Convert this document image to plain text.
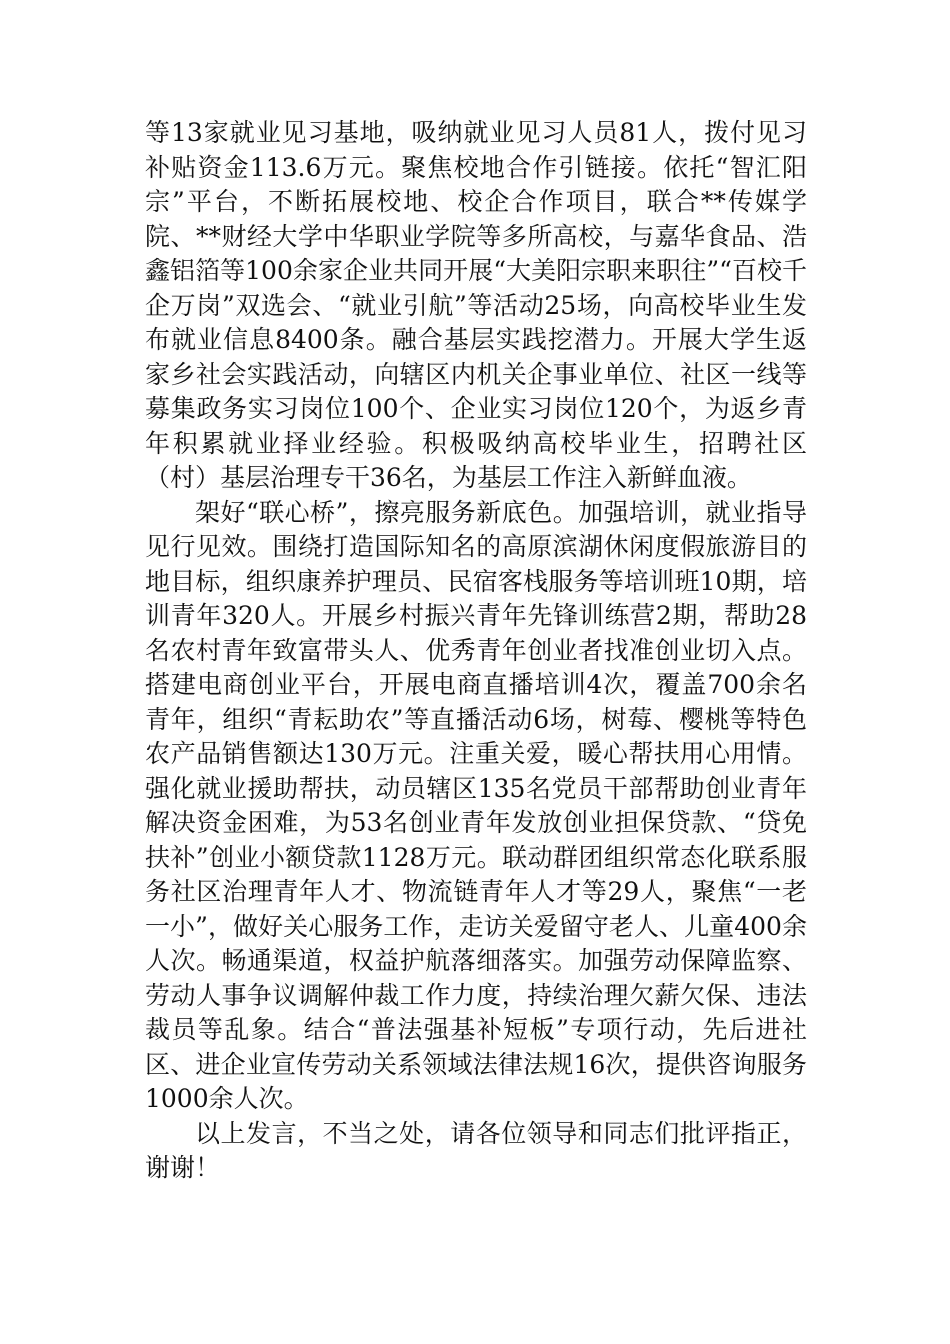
等13家就业见习基地，吸纳就业见习人员81人，拨付见习补贴资金113.6万元。聚焦校地合作引链接。依托“智汇阳宗”平台，不断拓展校地、校企合作项目，联合**传媒学院、**财经大学中华职业学院等多所高校，与嘉华食品、浩鑫铝箔等100余家企业共同开展“大美阳宗职来职往”“百校千企万岗”双选会、“就业引航”等活动25场，向高校毕业生发布就业信息8400条。融合基层实践挖潜力。开展大学生返家乡社会实践活动，向辖区内机关企事业单位、社区一线等募集政务实习岗位100个、企业实习岗位120个，为返乡青年积累就业择业经验。积极吸纳高校毕业生，招聘社区（村）基层治理专干36名，为基层工作注入新鲜血液。

架好“联心桥”，擦亮服务新底色。加强培训，就业指导见行见效。围绕打造国际知名的高原滨湖休闲度假旅游目的地目标，组织康养护理员、民宿客栈服务等培训班10期，培训青年320人。开展乡村振兴青年先锋训练营2期，帮助28名农村青年致富带头人、优秀青年创业者找准创业切入点。搭建电商创业平台，开展电商直播培训4次，覆盖700余名青年，组织“青耘助农”等直播活动6场，树莓、樱桃等特色农产品销售额达130万元。注重关爱，暖心帮扶用心用情。强化就业援助帮扶，动员辖区135名党员干部帮助创业青年解决资金困难，为53名创业青年发放创业担保贷款、“贷免扶补”创业小额贷款1128万元。联动群团组织常态化联系服务社区治理青年人才、物流链青年人才等29人，聚焦“一老一小”，做好关心服务工作，走访关爱留守老人、儿童400余人次。畅通渠道，权益护航落细落实。加强劳动保障监察、劳动人事争议调解仲裁工作力度，持续治理欠薪欠保、违法裁员等乱象。结合“普法强基补短板”专项行动，先后进社区、进企业宣传劳动关系领域法律法规16次，提供咨询服务1000余人次。

以上发言，不当之处，请各位领导和同志们批评指正，谢谢！
